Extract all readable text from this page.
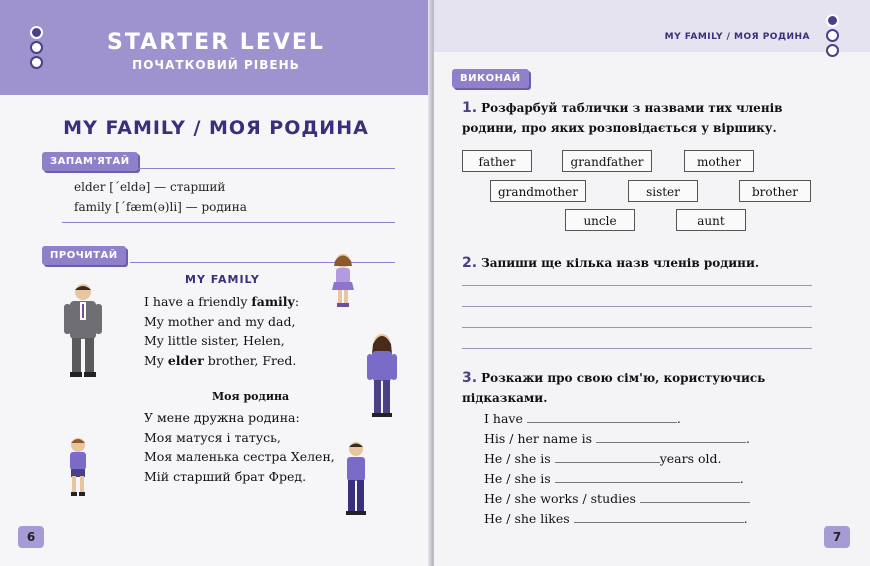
STARTER LEVEL
ПОЧАТКОВИЙ РІВЕНЬ
MY FAMILY / МОЯ РОДИНА
ЗАПАМ'ЯТАЙ
elder [ˊeldə] — старший
family [ˊfæm(ə)li] — родина
ПРОЧИТАЙ
MY FAMILY
I have a friendly family:
My mother and my dad,
My little sister, Helen,
My elder brother, Fred.
Моя родина
У мене дружна родина:
Моя матуся і татусь,
Моя маленька сестра Хелен,
Мій старший брат Фред.
6
MY FAMILY / МОЯ РОДИНА
ВИКОНАЙ
1. Розфарбуй таблички з назвами тих членів родини, про яких розповідається у віршику.
father	grandfather	mother
grandmother	sister	brother
uncle	aunt
2. Запиши ще кілька назв членів родини.
3. Розкажи про свою сім'ю, користуючись підказками.
I have	.
His / her name is	.
He / she is	years old.
He / she is	.
He / she works / studies
He / she likes	.
7
